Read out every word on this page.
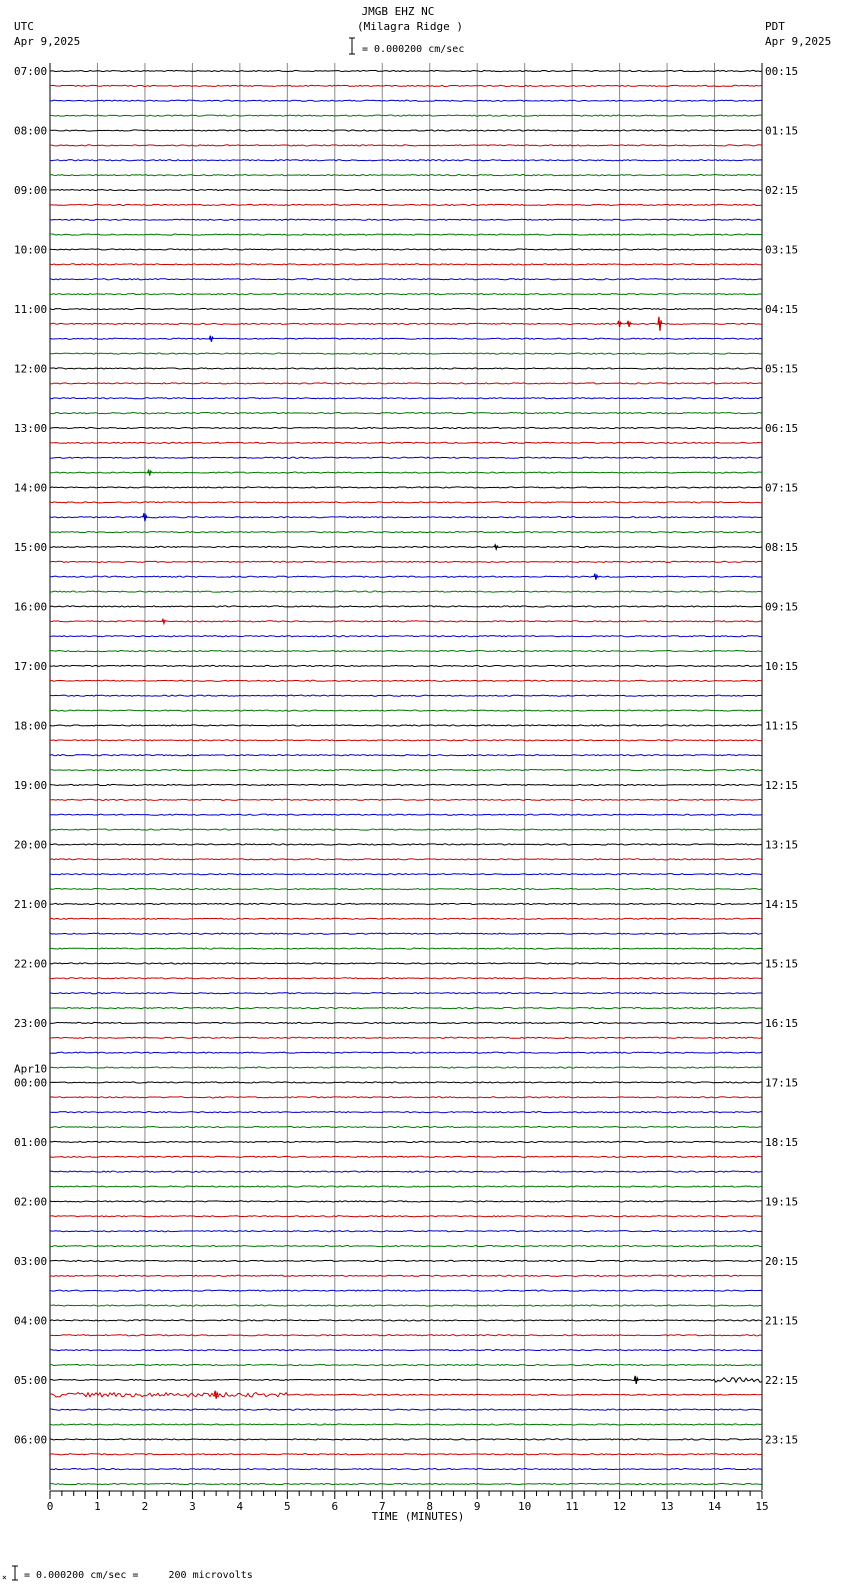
JMGB EHZ NC
(Milagra Ridge )
= 0.000200 cm/sec
UTC
Apr 9,2025
PDT
Apr 9,2025
07:00
08:00
09:00
10:00
11:00
12:00
13:00
14:00
15:00
16:00
17:00
18:00
19:00
20:00
21:00
22:00
23:00
00:00
Apr10
01:00
02:00
03:00
04:00
05:00
06:00
00:15
01:15
02:15
03:15
04:15
05:15
06:15
07:15
08:15
09:15
10:15
11:15
12:15
13:15
14:15
15:15
16:15
17:15
18:15
19:15
20:15
21:15
22:15
23:15
0	1	2	3	4	5	6	7	8	9	10	11	12	13	14	15
TIME (MINUTES)
× = 0.000200 cm/sec =     200 microvolts
